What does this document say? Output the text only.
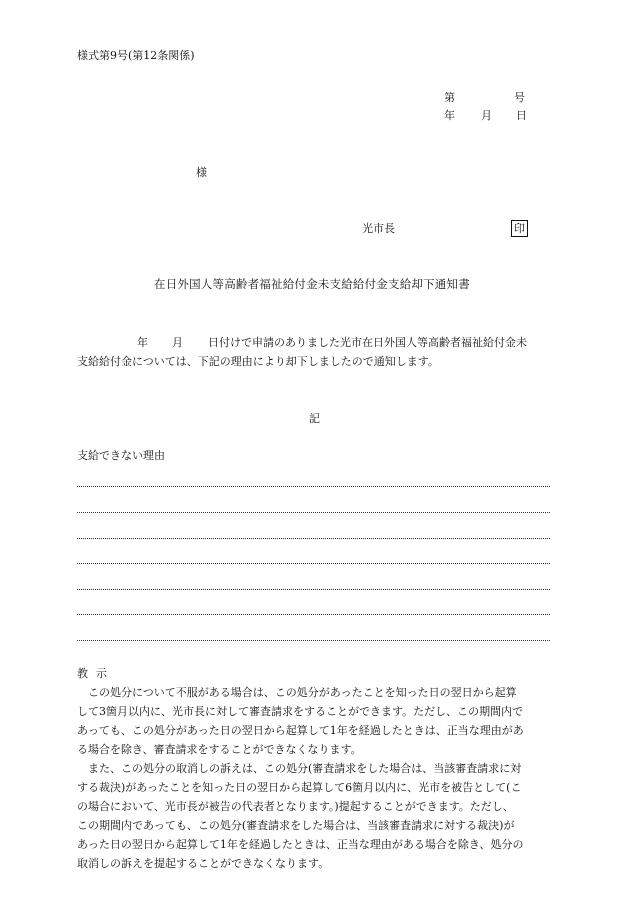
様式第9号(第12条関係)
第	号
年 月 日
様
光市長	印
在日外国人等高齢者福祉給付金未支給給付金支給却下通知書
年 月 日付けで申請のありました光市在日外国人等高齢者福祉給付金未
支給給付金については、下記の理由により却下しましたので通知します。
記
支給できない理由
教示
　この処分について不服がある場合は、この処分があったことを知った日の翌日から起算
して3箇月以内に、光市長に対して審査請求をすることができます。ただし、この期間内で
あっても、この処分があった日の翌日から起算して1年を経過したときは、正当な理由があ
る場合を除き、審査請求をすることができなくなります。
　また、この処分の取消しの訴えは、この処分(審査請求をした場合は、当該審査請求に対
する裁決)があったことを知った日の翌日から起算して6箇月以内に、光市を被告として(こ
の場合において、光市長が被告の代表者となります。)提起することができます。ただし、
この期間内であっても、この処分(審査請求をした場合は、当該審査請求に対する裁決)が
あった日の翌日から起算して1年を経過したときは、正当な理由がある場合を除き、処分の
取消しの訴えを提起することができなくなります。
